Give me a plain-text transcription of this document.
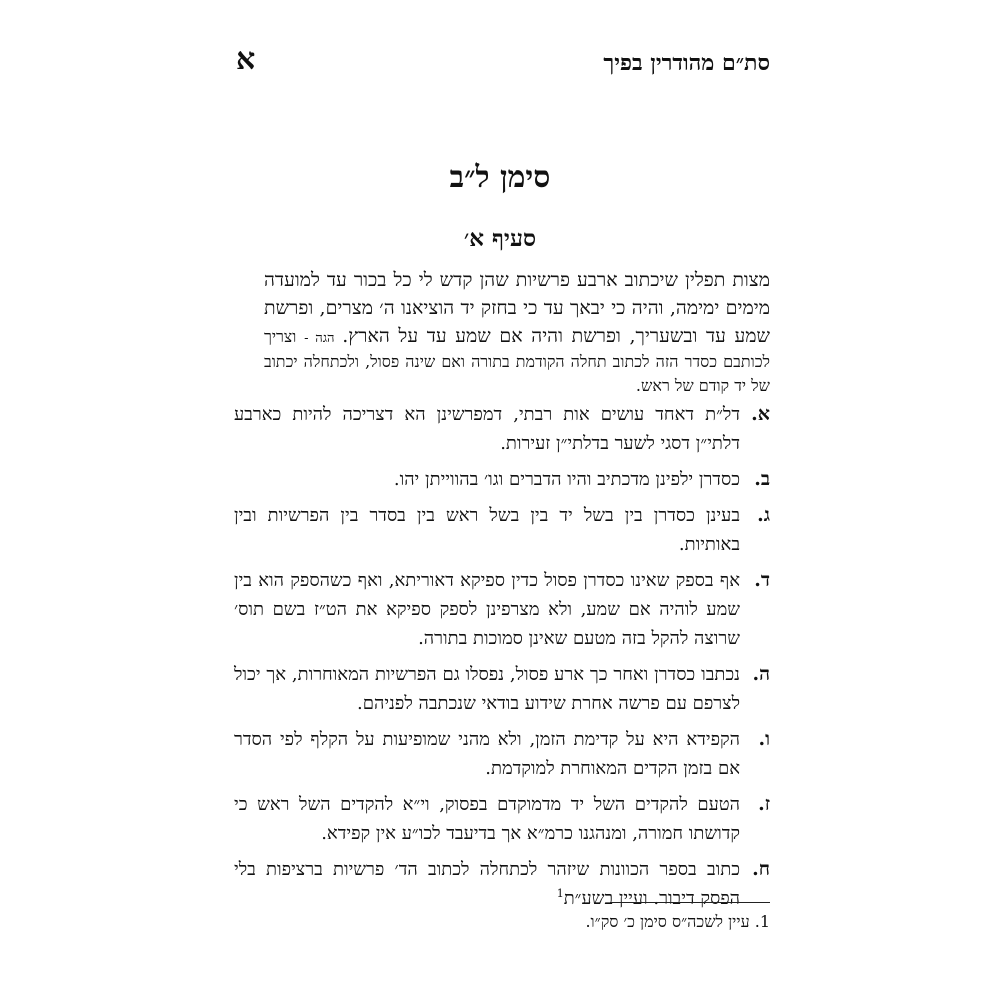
א	סת״ם מהודרין בפיך
סימן ל״ב
סעיף א׳
מצות תפלין שיכתוב ארבע פרשיות שהן קדש לי כל בכור עד למועדה מימים ימימה, והיה כי יבאך עד כי בחזק יד הוציאנו ה׳ מצרים, ופרשת שמע עד ובשעריך, ופרשת והיה אם שמע עד על הארץ. הגה - וצריך לכותבם כסדר הזה לכתוב תחלה הקודמת בתורה ואם שינה פסול, ולכתחלה יכתוב של יד קודם של ראש.
א.
דל״ת דאחד עושים אות רבתי, דמפרשינן הא דצריכה להיות כארבע דלתי״ן דסגי לשער בדלתי״ן זעירות.
ב.
כסדרן ילפינן מדכתיב והיו הדברים וגו׳ בהווייתן יהו.
ג.
בעינן כסדרן בין בשל יד בין בשל ראש בין בסדר בין הפרשיות ובין באותיות.
ד.
אף בספק שאינו כסדרן פסול כדין ספיקא דאוריתא, ואף כשהספק הוא בין שמע לוהיה אם שמע, ולא מצרפינן לספק ספיקא את הט״ז בשם תוס׳ שרוצה להקל בזה מטעם שאינן סמוכות בתורה.
ה.
נכתבו כסדרן ואחר כך ארע פסול, נפסלו גם הפרשיות המאוחרות, אך יכול לצרפם עם פרשה אחרת שידוע בודאי שנכתבה לפניהם.
ו.
הקפידא היא על קדימת הזמן, ולא מהני שמופיעות על הקלף לפי הסדר אם בזמן הקדים המאוחרת למוקדמת.
ז.
הטעם להקדים השל יד מדמוקדם בפסוק, וי״א להקדים השל ראש כי קדושתו חמורה, ומנהגנו כרמ״א אך בדיעבד לכו״ע אין קפידא.
ח.
כתוב בספר הכוונות שיזהר לכתחלה לכתוב הד׳ פרשיות ברציפות בלי הפסק דיבור. ועיין בשע״ת$^1$
1. עיין לשכה״ס סימן כ׳ סק״ו.
